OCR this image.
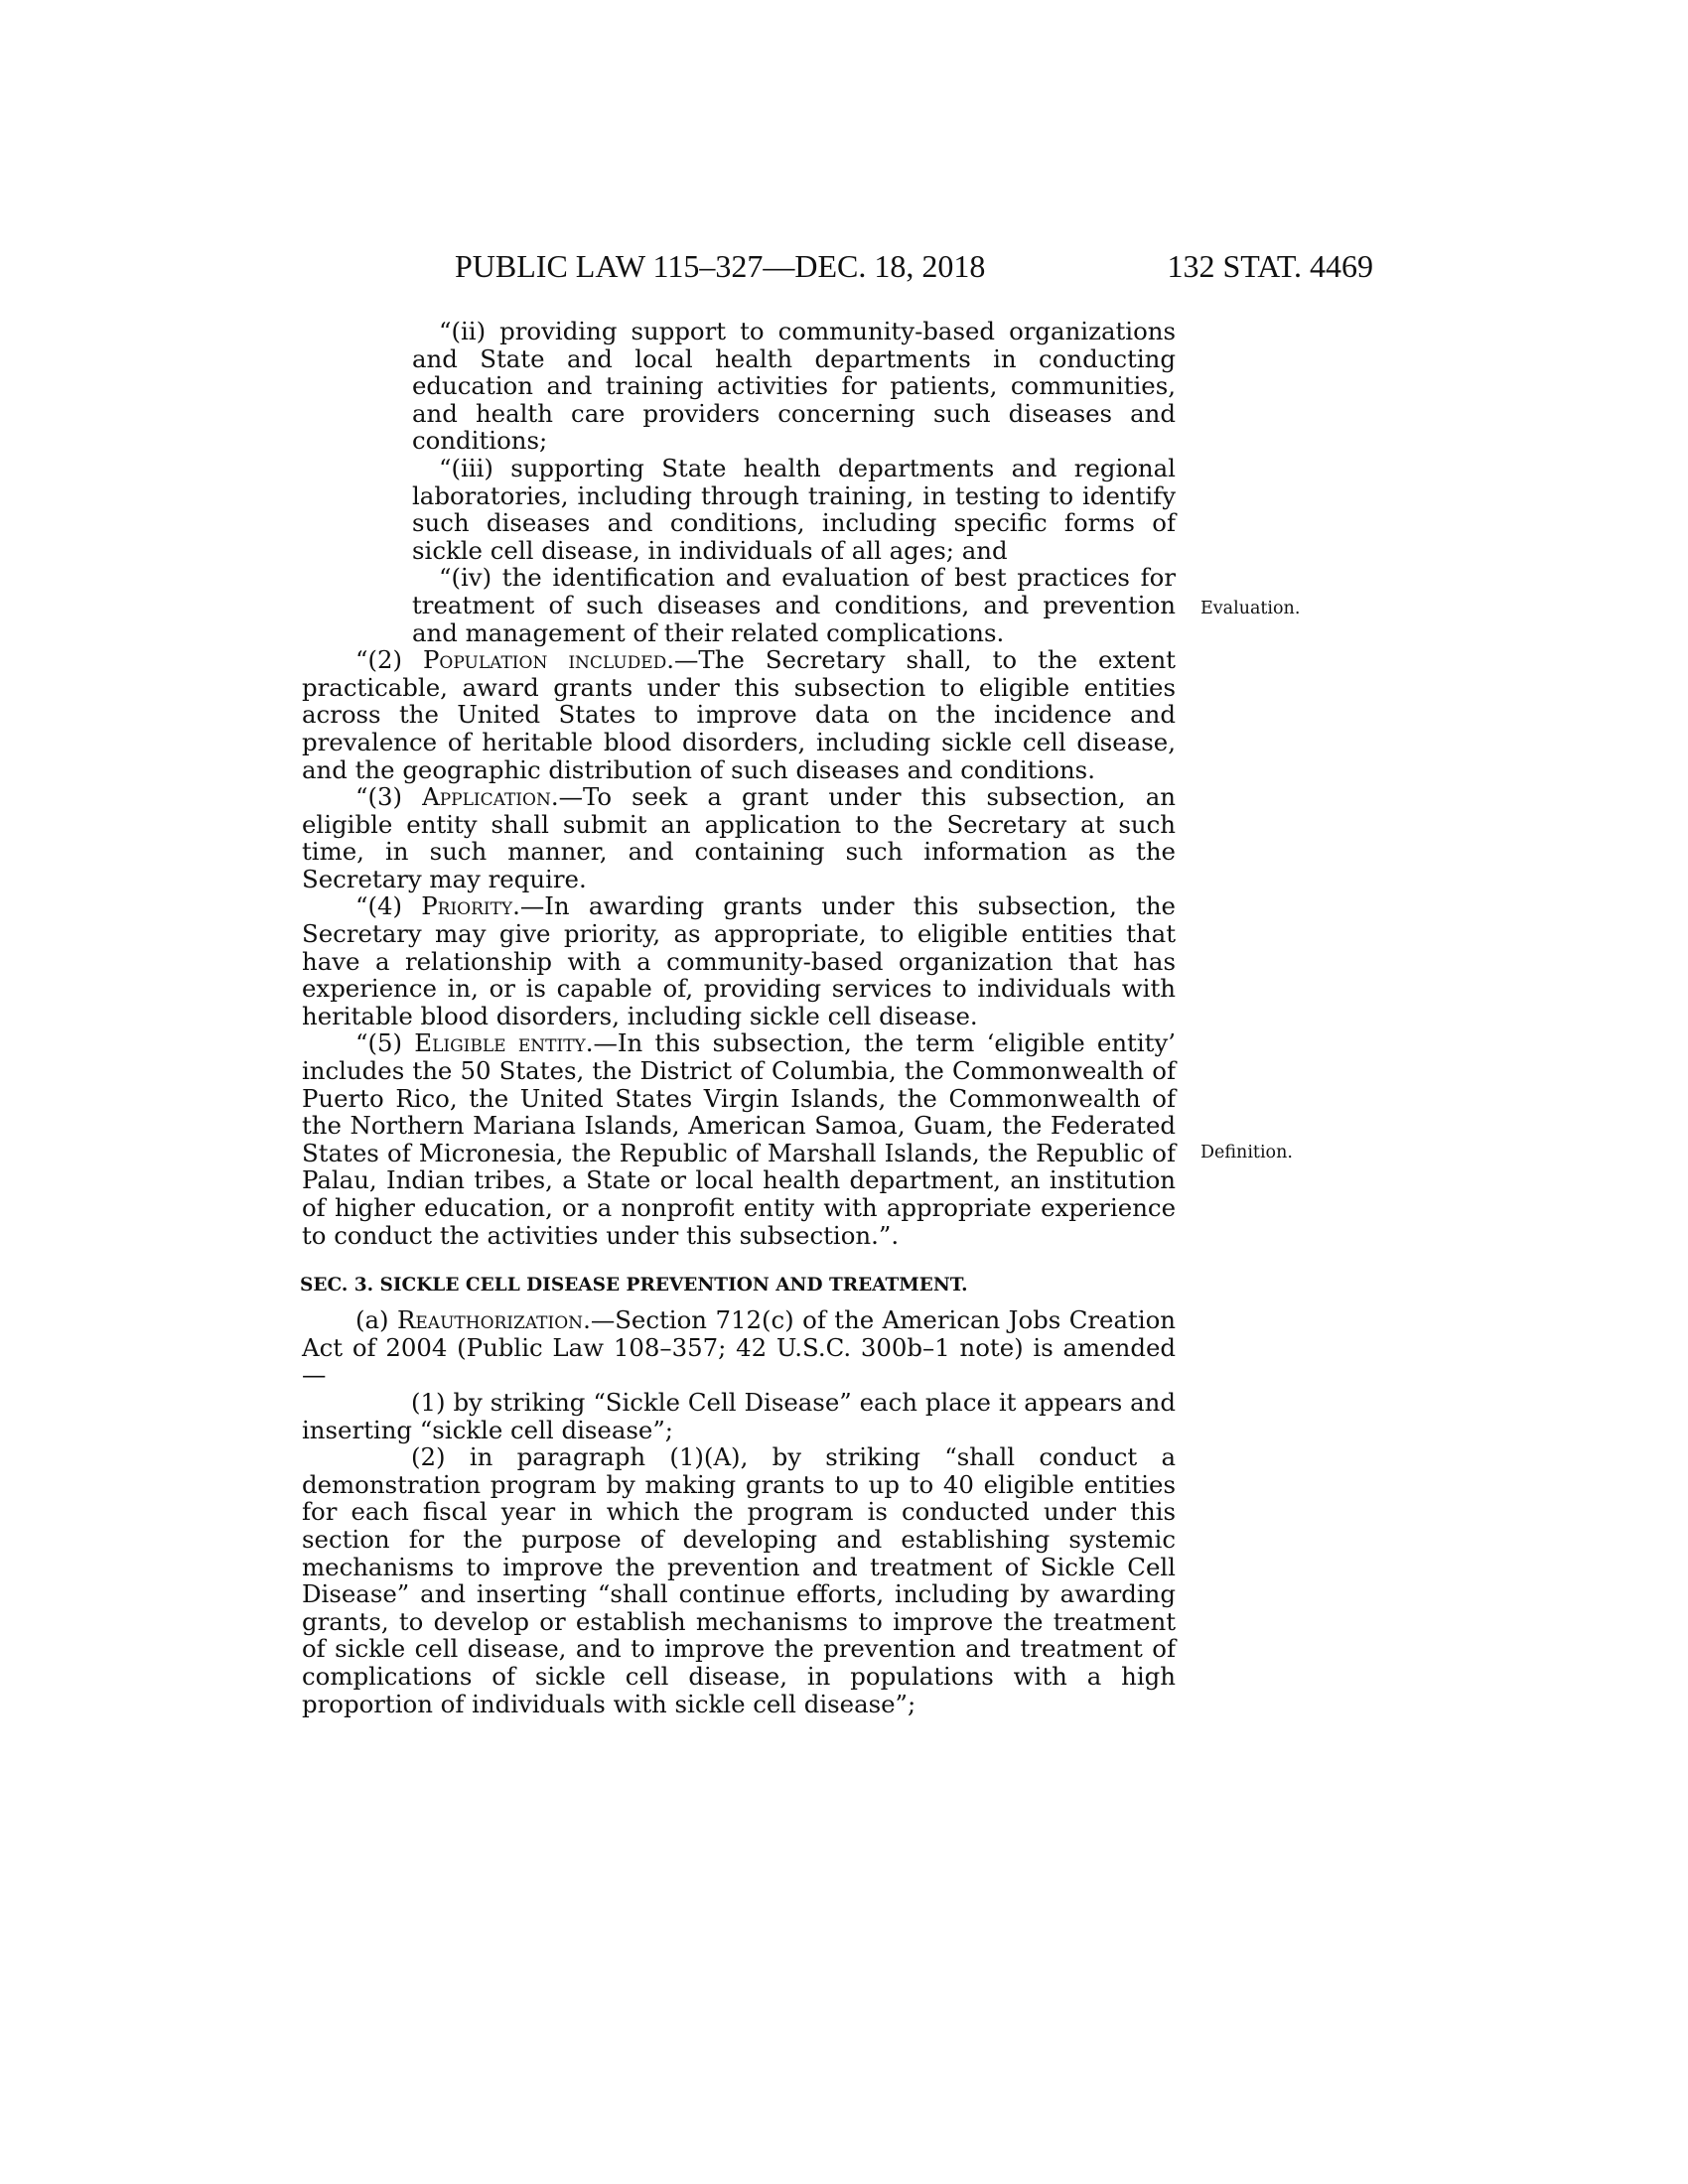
PUBLIC LAW 115–327—DEC. 18, 2018	132 STAT. 4469
Evaluation.
Definition.

“(ii) providing support to community-based organizations and State and local health departments in conducting education and training activities for patients, communities, and health care providers concerning such diseases and conditions;

“(iii) supporting State health departments and regional laboratories, including through training, in testing to identify such diseases and conditions, including specific forms of sickle cell disease, in individuals of all ages; and

“(iv) the identification and evaluation of best practices for treatment of such diseases and conditions, and prevention and management of their related complications.

“(2) Population included.—The Secretary shall, to the extent practicable, award grants under this subsection to eligible entities across the United States to improve data on the incidence and prevalence of heritable blood disorders, including sickle cell disease, and the geographic distribution of such diseases and conditions.

“(3) Application.—To seek a grant under this subsection, an eligible entity shall submit an application to the Secretary at such time, in such manner, and containing such information as the Secretary may require.

“(4) Priority.—In awarding grants under this subsection, the Secretary may give priority, as appropriate, to eligible entities that have a relationship with a community-based organization that has experience in, or is capable of, providing services to individuals with heritable blood disorders, including sickle cell disease.

“(5) Eligible entity.—In this subsection, the term ‘eligible entity’ includes the 50 States, the District of Columbia, the Commonwealth of Puerto Rico, the United States Virgin Islands, the Commonwealth of the Northern Mariana Islands, American Samoa, Guam, the Federated States of Micronesia, the Republic of Marshall Islands, the Republic of Palau, Indian tribes, a State or local health department, an institution of higher education, or a nonprofit entity with appropriate experience to conduct the activities under this subsection.”.

SEC. 3. SICKLE CELL DISEASE PREVENTION AND TREATMENT.

(a) Reauthorization.—Section 712(c) of the American Jobs Creation Act of 2004 (Public Law 108–357; 42 U.S.C. 300b–1 note) is amended—

(1) by striking “Sickle Cell Disease” each place it appears and inserting “sickle cell disease”;

(2) in paragraph (1)(A), by striking “shall conduct a demonstration program by making grants to up to 40 eligible entities for each fiscal year in which the program is conducted under this section for the purpose of developing and establishing systemic mechanisms to improve the prevention and treatment of Sickle Cell Disease” and inserting “shall continue efforts, including by awarding grants, to develop or establish mechanisms to improve the treatment of sickle cell disease, and to improve the prevention and treatment of complications of sickle cell disease, in populations with a high proportion of individuals with sickle cell disease”;
